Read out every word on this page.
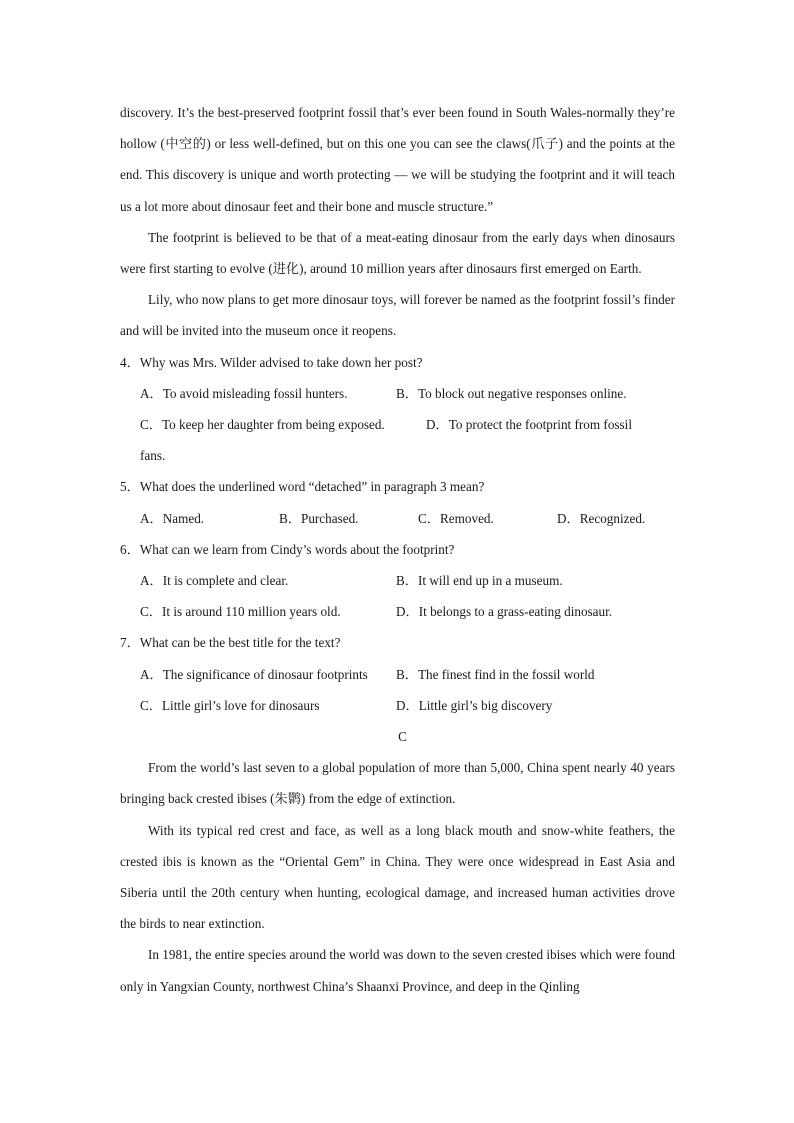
discovery. It’s the best-preserved footprint fossil that’s ever been found in South Wales-normally they’re hollow (中空的) or less well-defined, but on this one you can see the claws(爪子) and the points at the end. This discovery is unique and worth protecting — we will be studying the footprint and it will teach us a lot more about dinosaur feet and their bone and muscle structure.”

The footprint is believed to be that of a meat-eating dinosaur from the early days when dinosaurs were first starting to evolve (进化), around 10 million years after dinosaurs first emerged on Earth.

Lily, who now plans to get more dinosaur toys, will forever be named as the footprint fossil’s finder and will be invited into the museum once it reopens.

4．Why was Mrs. Wilder advised to take down her post?

A．To avoid misleading fossil hunters.	B．To block out negative responses online.
C．To keep her daughter from being exposed.	D．To protect the footprint from fossil

fans.

5．What does the underlined word “detached” in paragraph 3 mean?

A．Named.	B．Purchased.	C．Removed.	D．Recognized.

6．What can we learn from Cindy’s words about the footprint?

A．It is complete and clear.	B．It will end up in a museum.
C．It is around 110 million years old.	D．It belongs to a grass-eating dinosaur.

7．What can be the best title for the text?

A．The significance of dinosaur footprints	B．The finest find in the fossil world
C．Little girl’s love for dinosaurs	D．Little girl’s big discovery

C

From the world’s last seven to a global population of more than 5,000, China spent nearly 40 years bringing back crested ibises (朱鹮) from the edge of extinction.

With its typical red crest and face, as well as a long black mouth and snow-white feathers, the crested ibis is known as the “Oriental Gem” in China. They were once widespread in East Asia and Siberia until the 20th century when hunting, ecological damage, and increased human activities drove the birds to near extinction.

In 1981, the entire species around the world was down to the seven crested ibises which were found only in Yangxian County, northwest China’s Shaanxi Province, and deep in the Qinling
